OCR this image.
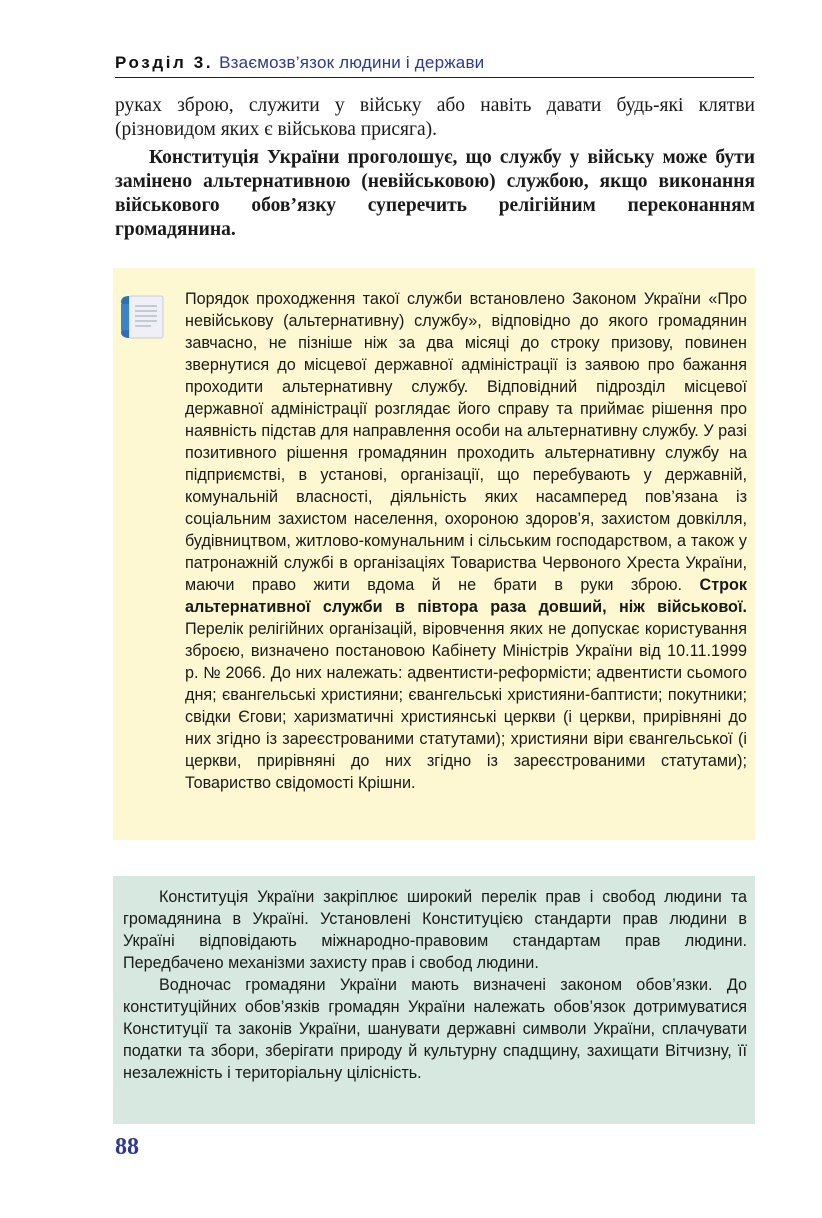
Розділ 3. Взаємозв’язок людини і держави

руках зброю, служити у війську або навіть давати будь-які клятви (різновидом яких є військова присяга).

Конституція України проголошує, що службу у війську може бути замінено альтернативною (невійськовою) службою, якщо виконання військового обов’язку суперечить релігійним переконанням громадянина.

Порядок проходження такої служби встановлено Законом України «Про невійськову (альтернативну) службу», відповідно до якого громадянин завчасно, не пізніше ніж за два місяці до строку призову, повинен звернутися до місцевої державної адміністрації із заявою про бажання проходити альтернативну службу. Відповідний підрозділ місцевої державної адміністрації розглядає його справу та приймає рішення про наявність підстав для направлення особи на альтернативну службу. У разі позитивного рішення громадянин проходить альтернативну службу на підприємстві, в установі, організації, що перебувають у державній, комунальній власності, діяльність яких насамперед пов’язана із соціальним захистом населення, охороною здоров’я, захистом довкілля, будівництвом, житлово-комунальним і сільським господарством, а також у патронажній службі в організаціях Товариства Червоного Хреста України, маючи право жити вдома й не брати в руки зброю. Строк альтернативної служби в півтора раза довший, ніж військової. Перелік релігійних організацій, віровчення яких не допускає користування зброєю, визначено постановою Кабінету Міністрів України від 10.11.1999 р. № 2066. До них належать: адвентисти-реформісти; адвентисти сьомого дня; євангельські християни; євангельські християни-баптисти; покутники; свідки Єгови; харизматичні християнські церкви (і церкви, прирівняні до них згідно із зареєстрованими статутами); християни віри євангельської (і церкви, прирівняні до них згідно із зареєстрованими статутами); Товариство свідомості Крішни.

Конституція України закріплює широкий перелік прав і свобод людини та громадянина в Україні. Установлені Конституцією стандарти прав людини в Україні відповідають міжнародно-правовим стандартам прав людини. Передбачено механізми захисту прав і свобод людини.

Водночас громадяни України мають визначені законом обов’язки. До конституційних обов’язків громадян України належать обов’язок дотримуватися Конституції та законів України, шанувати державні символи України, сплачувати податки та збори, зберігати природу й культурну спадщину, захищати Вітчизну, її незалежність і територіальну цілісність.

88
